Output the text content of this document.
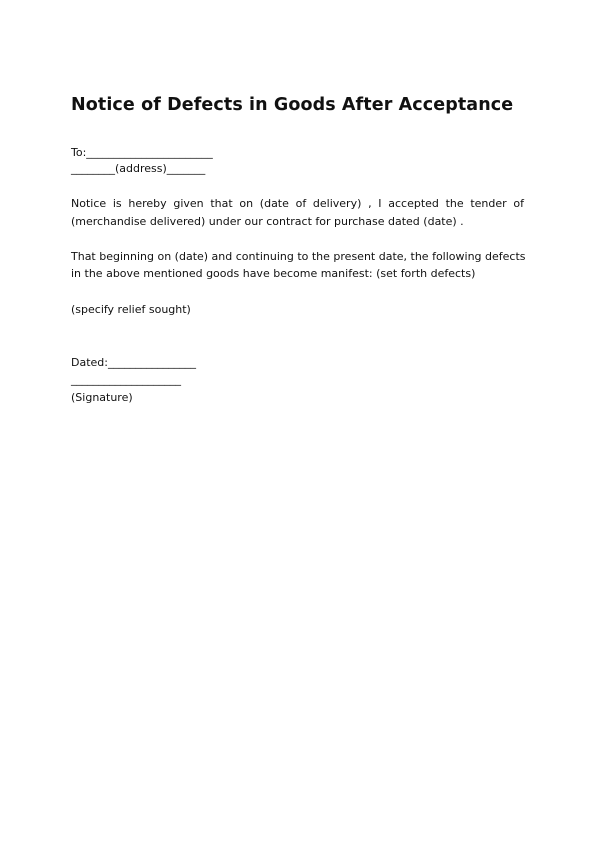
Notice of Defects in Goods After Acceptance

To:_______________________

________(address)_______

Notice is hereby given that on (date of delivery) , I accepted the tender of

(merchandise delivered) under our contract for purchase dated (date) .

That beginning on (date) and continuing to the present date, the following defects

in the above mentioned goods have become manifest: (set forth defects)

(specify relief sought)

Dated:________________

____________________

(Signature)
